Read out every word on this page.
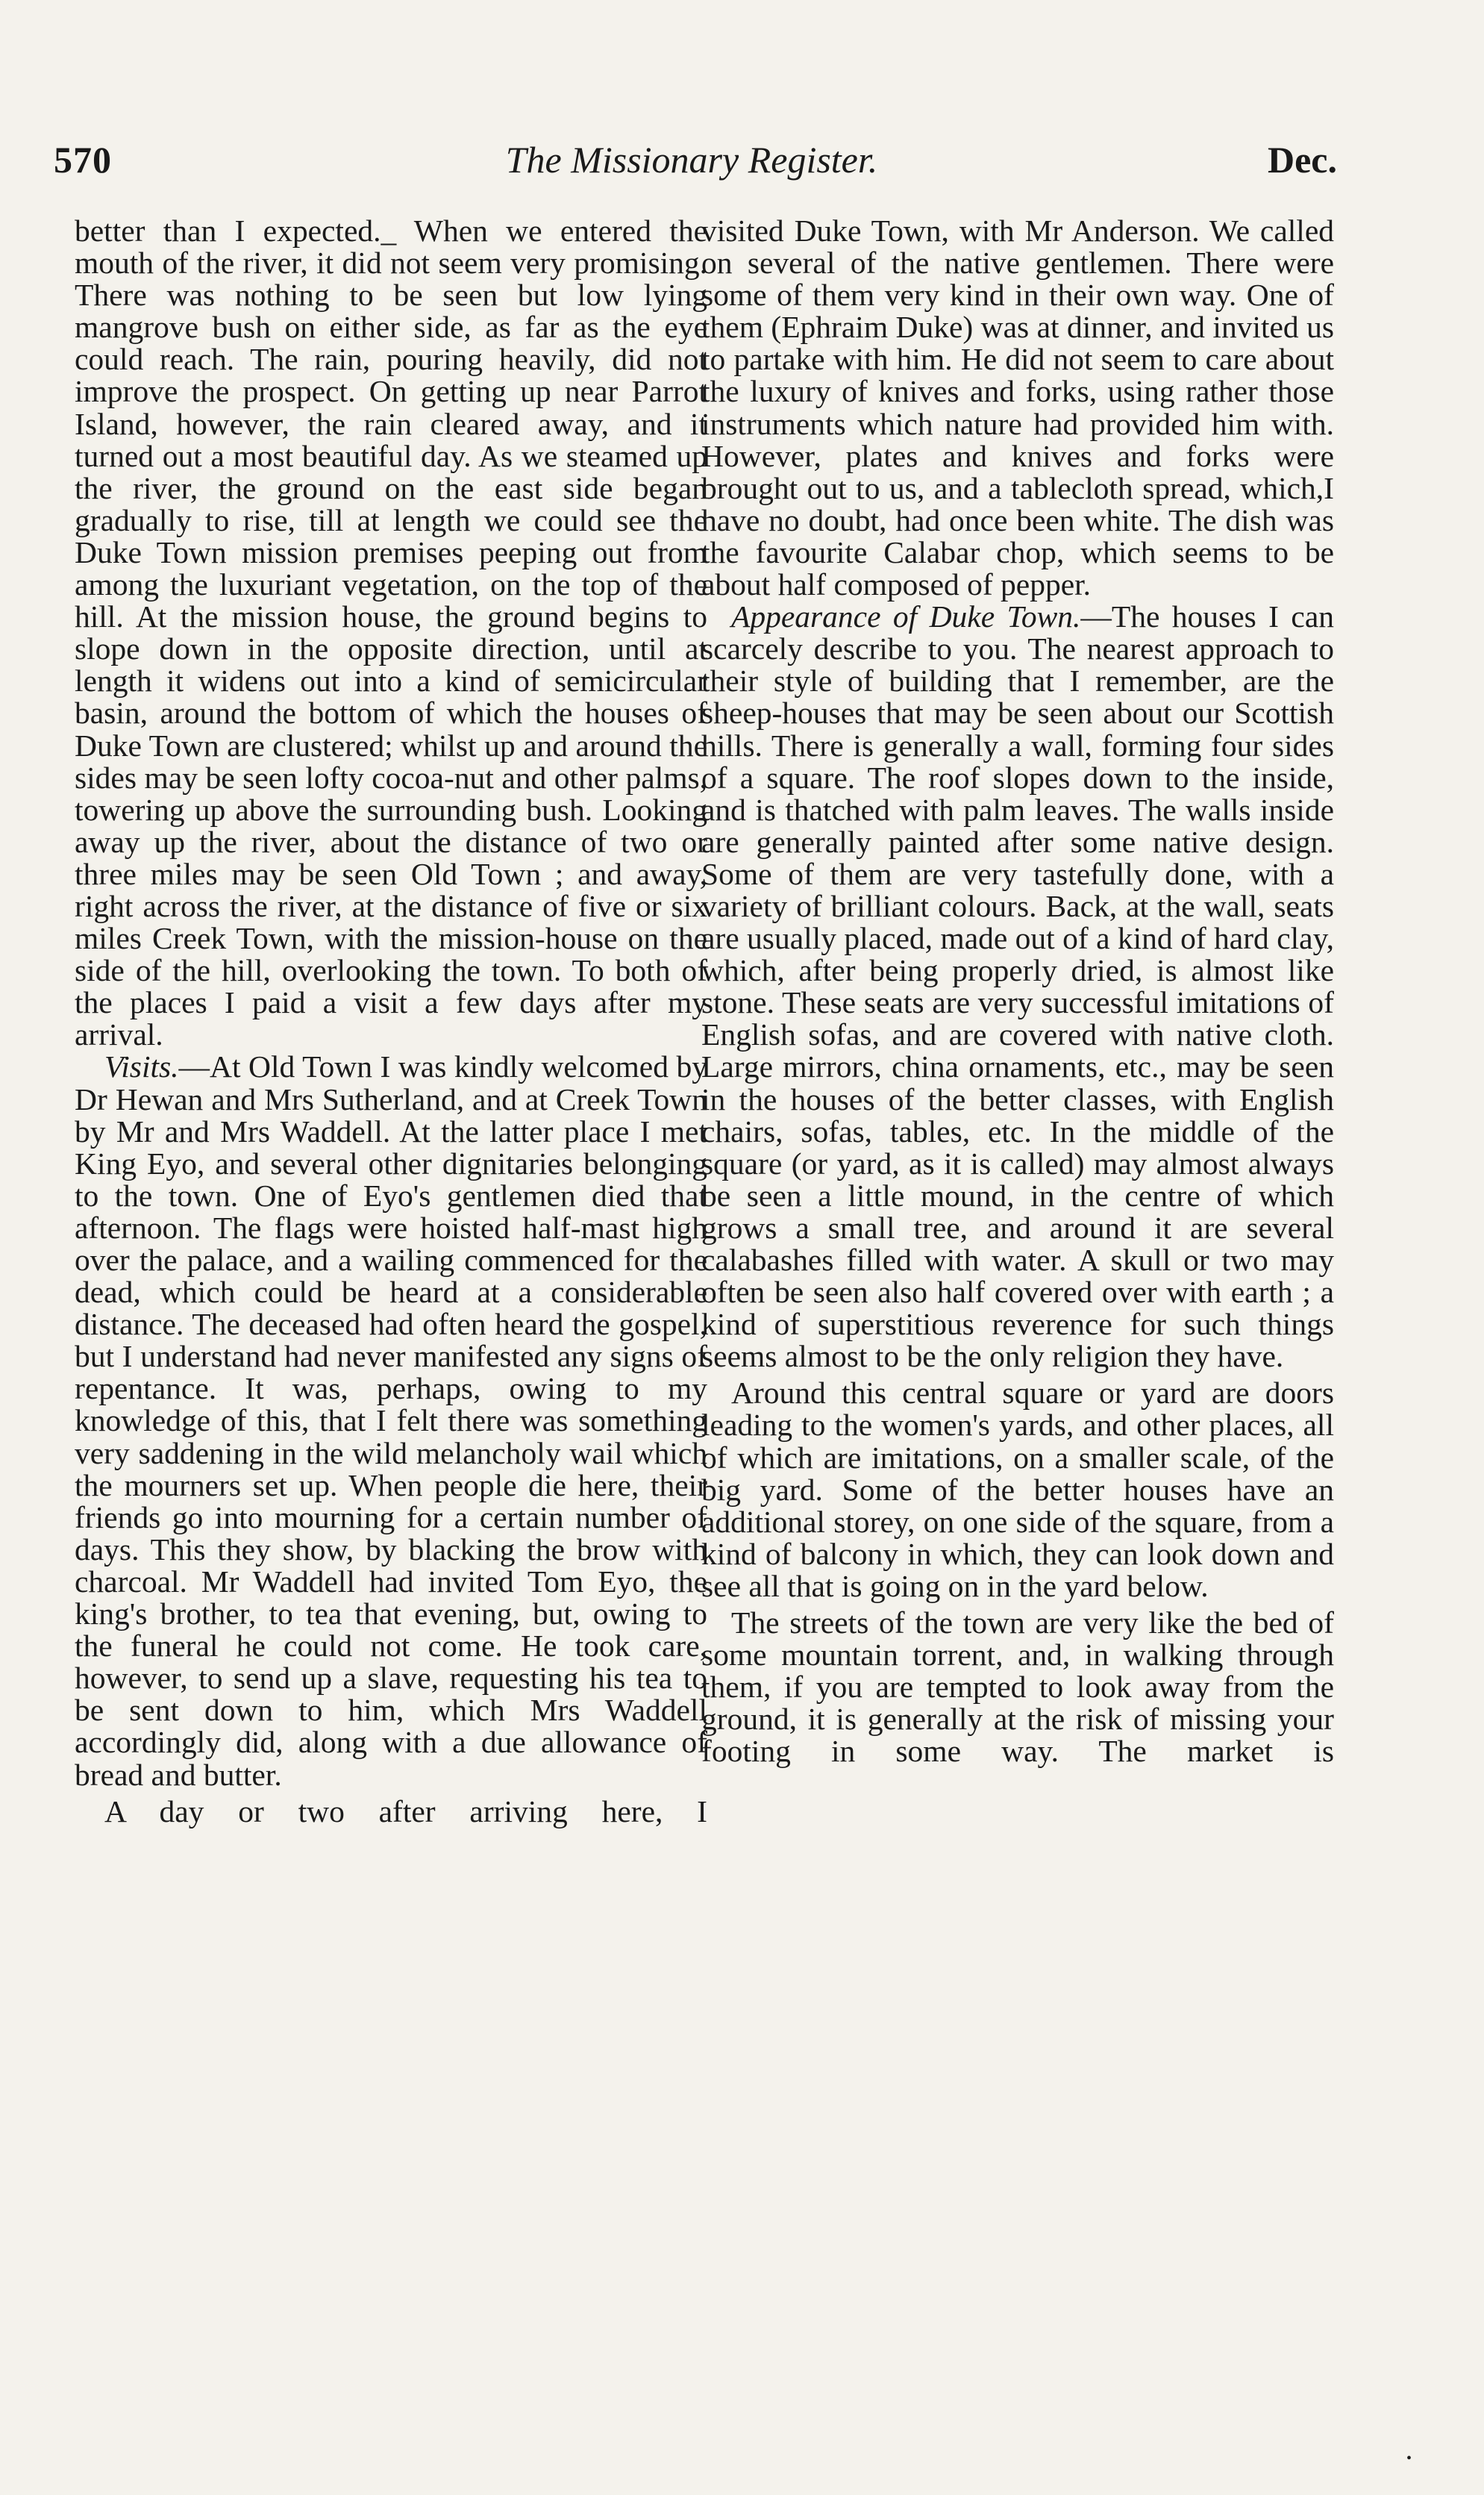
570	The Missionary Register.	Dec.

better than I expected._ When we entered the mouth of the river, it did not seem very promising. There was nothing to be seen but low lying mangrove bush on either side, as far as the eye could reach. The rain, pouring heavily, did not improve the prospect. On getting up near Parrot Island, however, the rain cleared away, and it turned out a most beautiful day. As we steamed up the river, the ground on the east side began gradually to rise, till at length we could see the Duke Town mission premises peeping out from among the luxuriant vegetation, on the top of the hill. At the mission house, the ground begins to slope down in the opposite direction, until at length it widens out into a kind of semicircular basin, around the bottom of which the houses of Duke Town are clustered; whilst up and around the sides may be seen lofty cocoa-nut and other palms, towering up above the surrounding bush. Looking away up the river, about the distance of two or three miles may be seen Old Town ; and away, right across the river, at the distance of five or six miles Creek Town, with the mission-house on the side of the hill, overlooking the town. To both of the places I paid a visit a few days after my arrival.

Visits.—At Old Town I was kindly welcomed by Dr Hewan and Mrs Sutherland, and at Creek Town by Mr and Mrs Waddell. At the latter place I met King Eyo, and several other dignitaries belonging to the town. One of Eyo's gentlemen died that afternoon. The flags were hoisted half-mast high over the palace, and a wailing commenced for the dead, which could be heard at a considerable distance. The deceased had often heard the gospel, but I understand had never manifested any signs of repentance. It was, perhaps, owing to my knowledge of this, that I felt there was something very saddening in the wild melancholy wail which the mourners set up. When people die here, their friends go into mourning for a certain number of days. This they show, by blacking the brow with charcoal. Mr Waddell had invited Tom Eyo, the king's brother, to tea that evening, but, owing to the funeral he could not come. He took care, however, to send up a slave, requesting his tea to be sent down to him, which Mrs Waddell accordingly did, along with a due allowance of bread and butter.

A day or two after arriving here, I

visited Duke Town, with Mr Anderson. We called on several of the native gentlemen. There were some of them very kind in their own way. One of them (Ephraim Duke) was at dinner, and invited us to partake with him. He did not seem to care about the luxury of knives and forks, using rather those instruments which nature had provided him with. However, plates and knives and forks were brought out to us, and a tablecloth spread, which,I have no doubt, had once been white. The dish was the favourite Calabar chop, which seems to be about half composed of pepper.

Appearance of Duke Town.—The houses I can scarcely describe to you. The nearest approach to their style of building that I remember, are the sheep-houses that may be seen about our Scottish hills. There is generally a wall, forming four sides of a square. The roof slopes down to the inside, and is thatched with palm leaves. The walls inside are generally painted after some native design. Some of them are very tastefully done, with a variety of brilliant colours. Back, at the wall, seats are usually placed, made out of a kind of hard clay, which, after being properly dried, is almost like stone. These seats are very successful imitations of English sofas, and are covered with native cloth. Large mirrors, china ornaments, etc., may be seen in the houses of the better classes, with English chairs, sofas, tables, etc. In the middle of the square (or yard, as it is called) may almost always be seen a little mound, in the centre of which grows a small tree, and around it are several calabashes filled with water. A skull or two may often be seen also half covered over with earth ; a kind of superstitious reverence for such things seems almost to be the only religion they have.

Around this central square or yard are doors leading to the women's yards, and other places, all of which are imitations, on a smaller scale, of the big yard. Some of the better houses have an additional storey, on one side of the square, from a kind of balcony in which, they can look down and see all that is going on in the yard below.

The streets of the town are very like the bed of some mountain torrent, and, in walking through them, if you are tempted to look away from the ground, it is generally at the risk of missing your footing in some way. The market is

•
